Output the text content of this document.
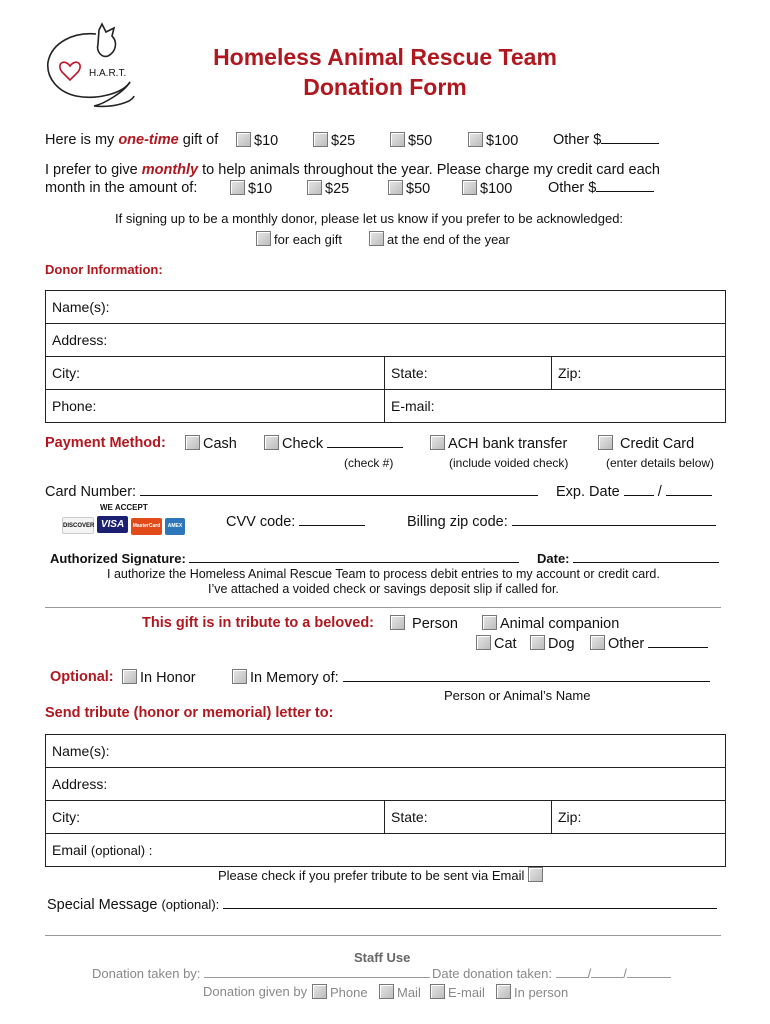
H.A.R.T.
Homeless Animal Rescue Team
Donation Form
Here is my one-time gift of	$10	$25	$50	$100 Other $
I prefer to give monthly to help animals throughout the year. Please charge my credit card each
month in the amount of:	$10	$25	$50	$100 Other $
If signing up to be a monthly donor, please let us know if you prefer to be acknowledged:
for each gift	at the end of the year
Donor Information:
Name(s):		
Address:		
City:	State:	Zip:
Phone:	E-mail:	
Payment Method:	Cash	Check
(check #)
ACH bank transfer
(include voided check)
Credit Card
(enter details below)
Card Number:	Exp. Date	/
WE ACCEPT
DISCOVER VISA MasterCard AMEX	CVV code:	Billing zip code:
Authorized Signature:	Date:
I authorize the Homeless Animal Rescue Team to process debit entries to my account or credit card.
I’ve attached a voided check or savings deposit slip if called for.
This gift is in tribute to a beloved:	Person	Animal companion
Cat	Dog	Other
Optional:	In Honor	In Memory of:
Person or Animal’s Name
Send tribute (honor or memorial) letter to:
Name(s):
Address:
City:	State:	Zip:
Email (optional) :
Please check if you prefer tribute to be sent via Email
Special Message (optional):
Staff Use
Donation taken by:	Date donation taken:	/ /
Donation given by	Phone	Mail	E-mail	In person
